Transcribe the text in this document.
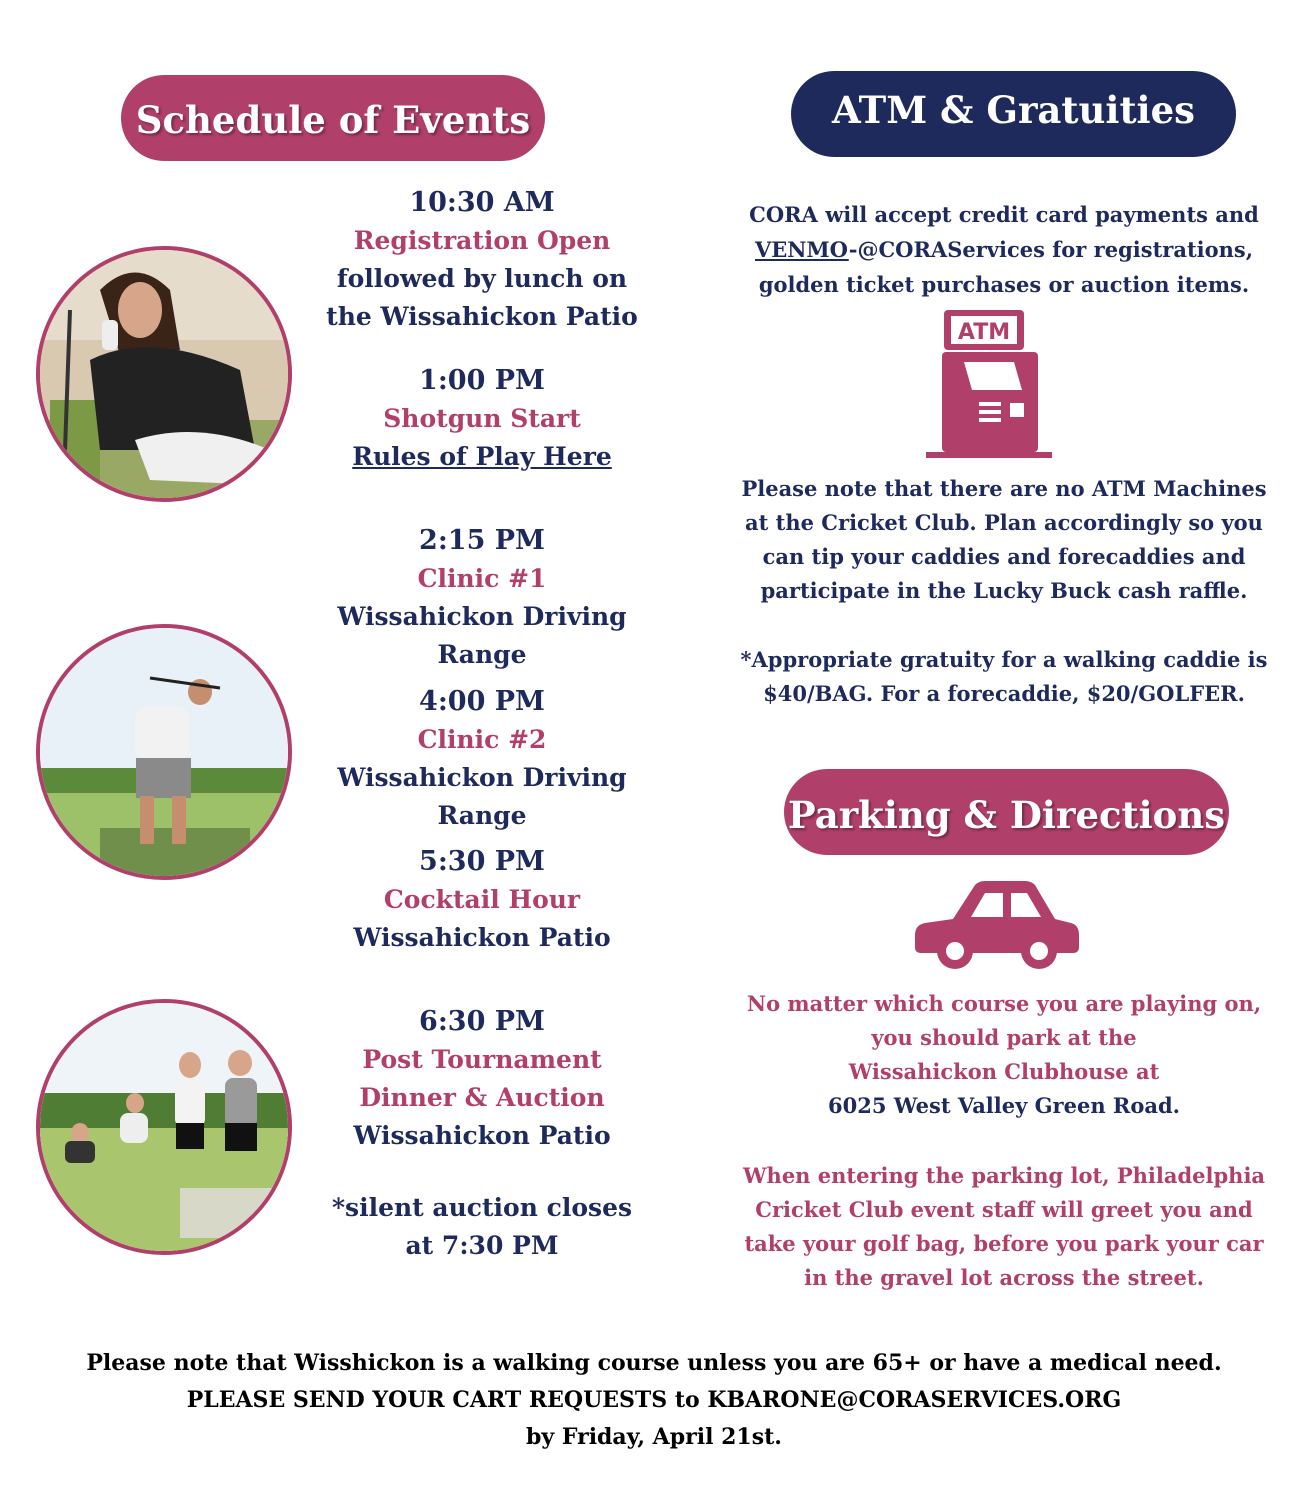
Schedule of Events	ATM & Gratuities
Parking & Directions
10:30 AM
Registration Open
followed by lunch on
the Wissahickon Patio
1:00 PM
Shotgun Start
Rules of Play Here
2:15 PM
Clinic #1
Wissahickon Driving Range
4:00 PM
Clinic #2
Wissahickon Driving Range
5:30 PM
Cocktail Hour
Wissahickon Patio
6:30 PM
Post Tournament
Dinner & Auction
Wissahickon Patio
*silent auction closes
at 7:30 PM
CORA will accept credit card payments and
VENMO-@CORAServices for registrations,
golden ticket purchases or auction items.
ATM
Please note that there are no ATM Machines
at the Cricket Club. Plan accordingly so you
can tip your caddies and forecaddies and
participate in the Lucky Buck cash raffle.
*Appropriate gratuity for a walking caddie is
$40/BAG. For a forecaddie, $20/GOLFER.
No matter which course you are playing on,
you should park at the
Wissahickon Clubhouse at
6025 West Valley Green Road.
When entering the parking lot, Philadelphia
Cricket Club event staff will greet you and
take your golf bag, before you park your car
in the gravel lot across the street.
Please note that Wisshickon is a walking course unless you are 65+ or have a medical need.
PLEASE SEND YOUR CART REQUESTS to KBARONE@CORASERVICES.ORG
by Friday, April 21st.
